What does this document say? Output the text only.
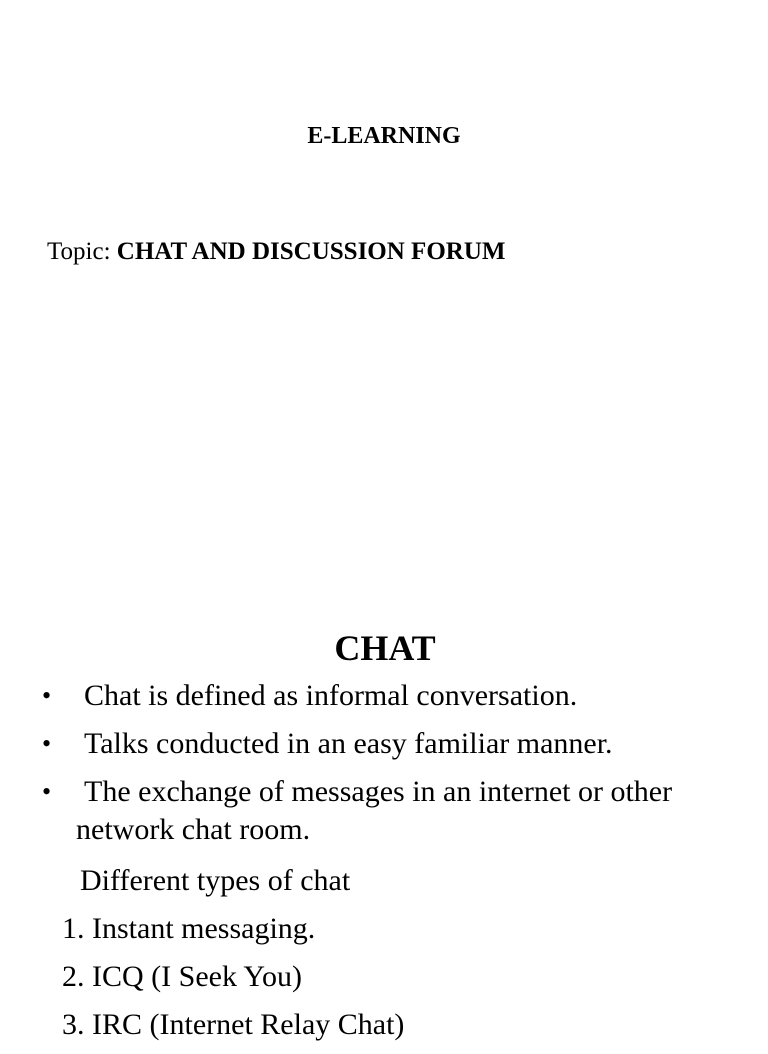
E-LEARNING

Topic: CHAT AND DISCUSSION FORUM

CHAT
• Chat is defined as informal conversation.
• Talks conducted in an easy familiar manner.
• The exchange of messages in an internet or other network chat room.

Different types of chat

1. Instant messaging.
2. ICQ (I Seek You)
3. IRC (Internet Relay Chat)
